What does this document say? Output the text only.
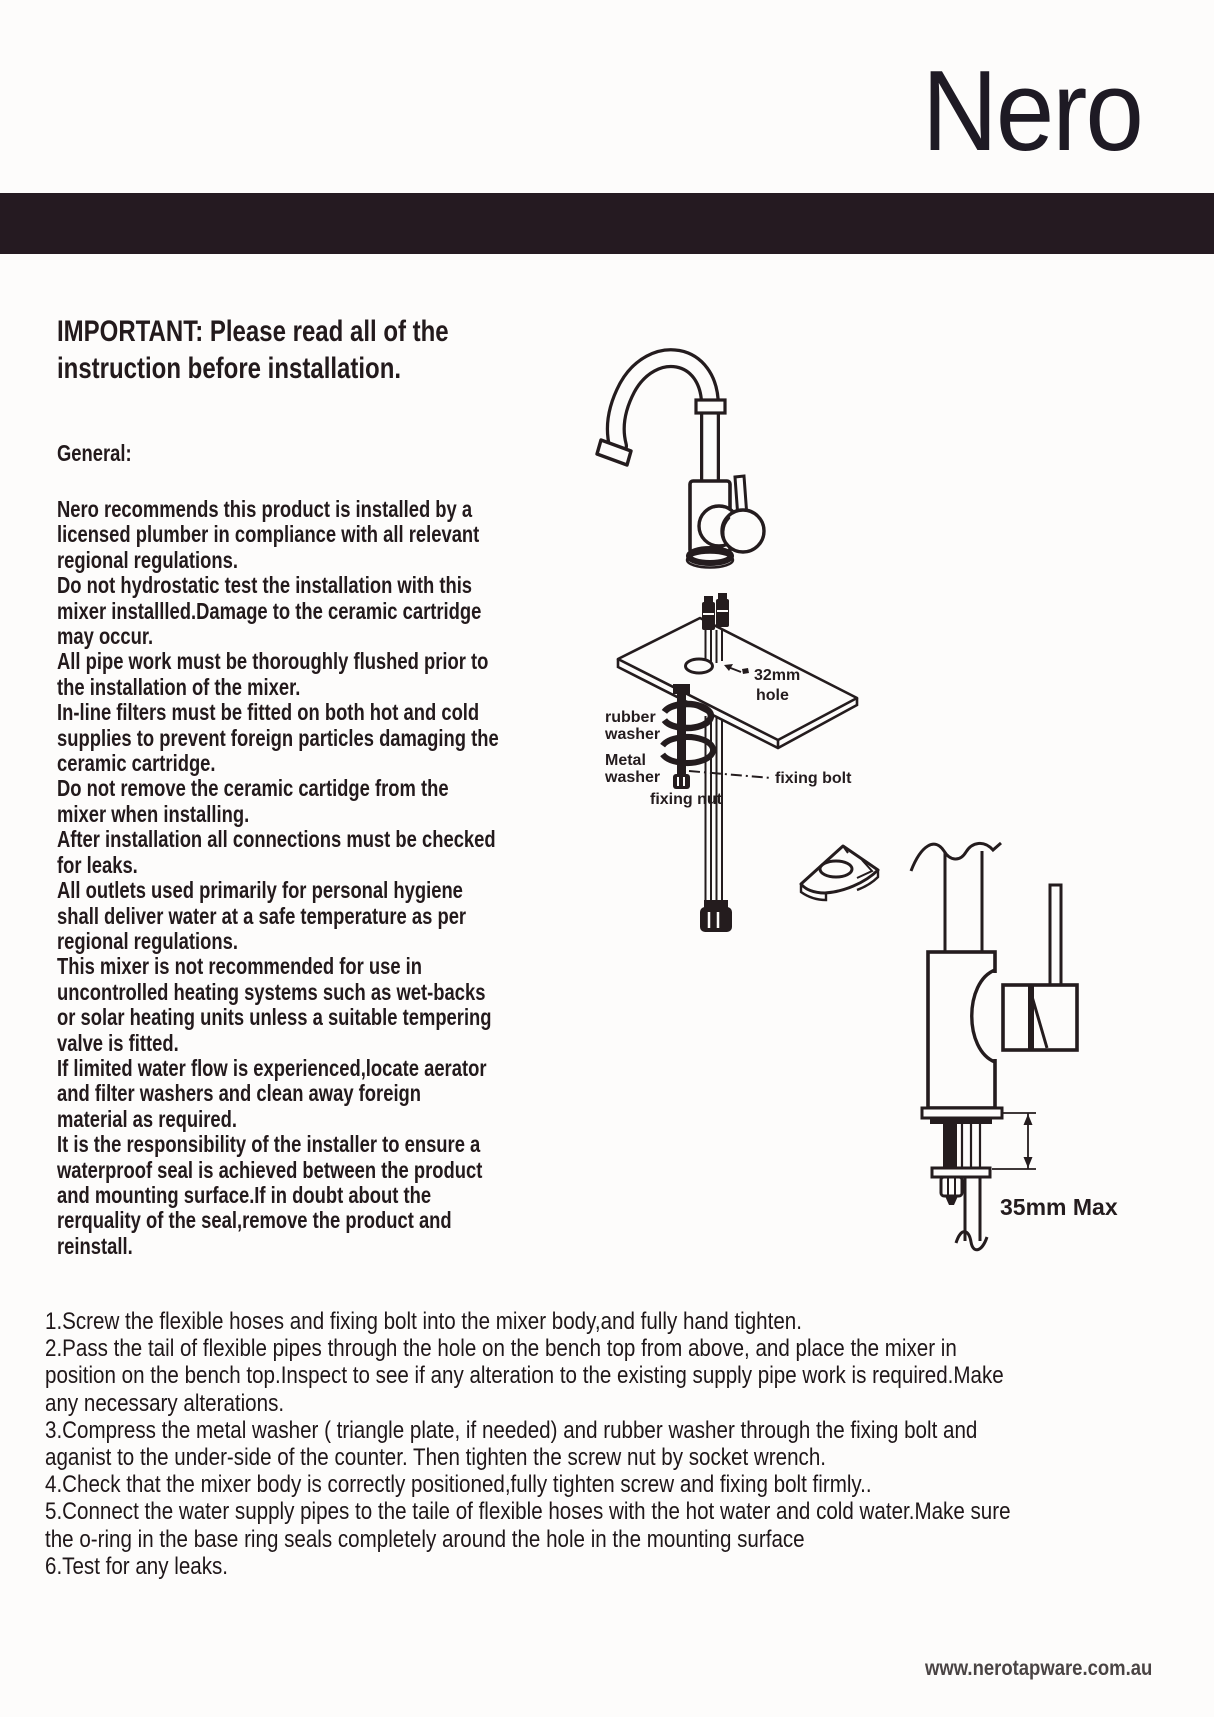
Nero
IMPORTANT: Please read all of the
instruction before installation.
General:
Nero recommends this product is installed by a
licensed plumber in compliance with all relevant
regional regulations.
Do not hydrostatic test the installation with this
mixer installled.Damage to the ceramic cartridge
may occur.
All pipe work must be thoroughly flushed prior to
the installation of the mixer.
In-line filters must be fitted on both hot and cold
supplies to prevent foreign particles damaging the
ceramic cartridge.
Do not remove the ceramic cartidge from the
mixer when installing.
After installation all connections must be checked
for leaks.
All outlets used primarily for personal hygiene
shall deliver water at a safe temperature as per
regional regulations.
This mixer is not recommended for use in
uncontrolled heating systems such as wet-backs
or solar heating units unless a suitable tempering
valve is fitted.
If limited water flow is experienced,locate aerator
and filter washers and clean away foreign
material as required.
It is the responsibility of the installer to ensure a
waterproof seal is achieved between the product
and mounting surface.If in doubt about the
rerquality of the seal,remove the product and
reinstall.
rubber
washer
Metal
washer
fixing nut
fixing bolt
32mm
hole
35mm Max
1.Screw the flexible hoses and fixing bolt into the mixer body,and fully hand tighten.
2.Pass the tail of flexible pipes through the hole on the bench top from above, and place the mixer in
position on the bench top.Inspect to see if any alteration to the existing supply pipe work is required.Make
any necessary alterations.
3.Compress the metal washer ( triangle plate, if needed) and rubber washer through the fixing bolt and
aganist to the under-side of the counter. Then tighten the screw nut by socket wrench.
4.Check that the mixer body is correctly positioned,fully tighten screw and fixing bolt firmly..
5.Connect the water supply pipes to the taile of flexible hoses with the hot water and cold water.Make sure
the o-ring in the base ring seals completely around the hole in the mounting surface
6.Test for any leaks.
www.nerotapware.com.au
